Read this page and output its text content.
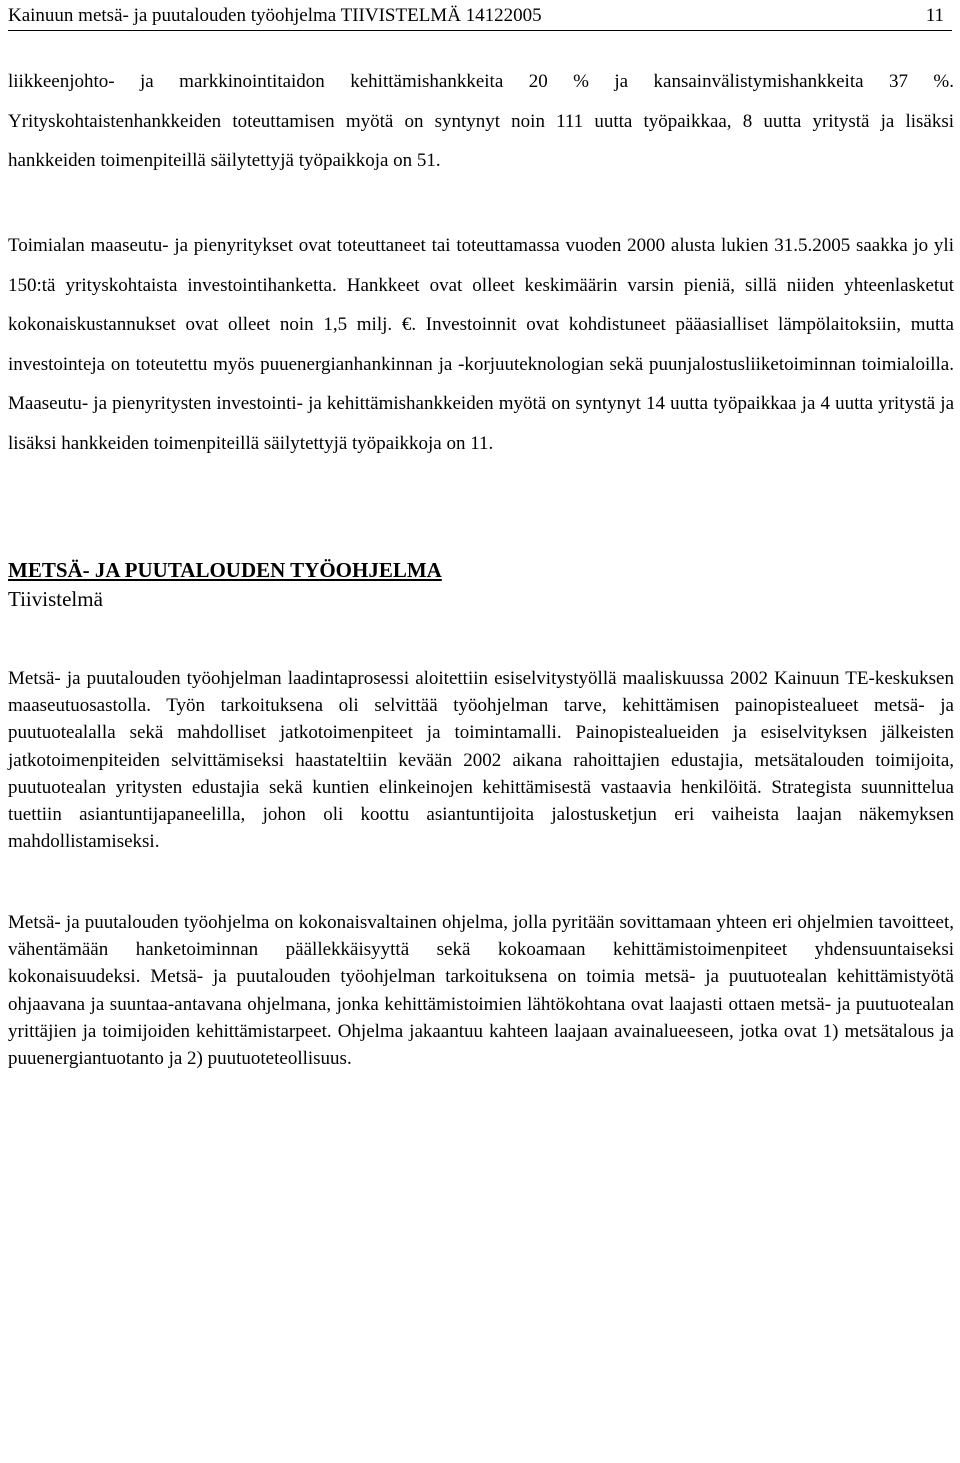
Kainuun metsä- ja puutalouden työohjelma TIIVISTELMÄ 14122005	11

liikkeenjohto- ja markkinointitaidon kehittämishankkeita 20 % ja kansainvälistymishankkeita 37 %. Yrityskohtaistenhankkeiden toteuttamisen myötä on syntynyt noin 111 uutta työpaikkaa, 8 uutta yritystä ja lisäksi hankkeiden toimenpiteillä säilytettyjä työpaikkoja on 51.

Toimialan maaseutu- ja pienyritykset ovat toteuttaneet tai toteuttamassa vuoden 2000 alusta lukien 31.5.2005 saakka jo yli 150:tä yrityskohtaista investointihanketta. Hankkeet ovat olleet keskimäärin varsin pieniä, sillä niiden yhteenlasketut kokonaiskustannukset ovat olleet noin 1,5 milj. €. Investoinnit ovat kohdistuneet pääasialliset lämpölaitoksiin, mutta investointeja on toteutettu myös puuenergianhankinnan ja -korjuuteknologian sekä puunjalostusliiketoiminnan toimialoilla. Maaseutu- ja pienyritysten investointi- ja kehittämishankkeiden myötä on syntynyt 14 uutta työpaikkaa ja 4 uutta yritystä ja lisäksi hankkeiden toimenpiteillä säilytettyjä työpaikkoja on 11.

METSÄ- JA PUUTALOUDEN TYÖOHJELMA
Tiivistelmä

Metsä- ja puutalouden työohjelman laadintaprosessi aloitettiin esiselvitystyöllä maaliskuussa 2002 Kainuun TE-keskuksen maaseutuosastolla. Työn tarkoituksena oli selvittää työohjelman tarve, kehittämisen painopistealueet metsä- ja puutuotealalla sekä mahdolliset jatkotoimenpiteet ja toimintamalli. Painopistealueiden ja esiselvityksen jälkeisten jatkotoimenpiteiden selvittämiseksi haastateltiin kevään 2002 aikana rahoittajien edustajia, metsätalouden toimijoita, puutuotealan yritysten edustajia sekä kuntien elinkeinojen kehittämisestä vastaavia henkilöitä. Strategista suunnittelua tuettiin asiantuntijapaneelilla, johon oli koottu asiantuntijoita jalostusketjun eri vaiheista laajan näkemyksen mahdollistamiseksi.

Metsä- ja puutalouden työohjelma on kokonaisvaltainen ohjelma, jolla pyritään sovittamaan yhteen eri ohjelmien tavoitteet, vähentämään hanketoiminnan päällekkäisyyttä sekä kokoamaan kehittämistoimenpiteet yhdensuuntaiseksi kokonaisuudeksi. Metsä- ja puutalouden työohjelman tarkoituksena on toimia metsä- ja puutuotealan kehittämistyötä ohjaavana ja suuntaa-antavana ohjelmana, jonka kehittämistoimien lähtökohtana ovat laajasti ottaen metsä- ja puutuotealan yrittäjien ja toimijoiden kehittämistarpeet. Ohjelma jakaantuu kahteen laajaan avainalueeseen, jotka ovat 1) metsätalous ja puuenergiantuotanto ja 2) puutuoteteollisuus.
